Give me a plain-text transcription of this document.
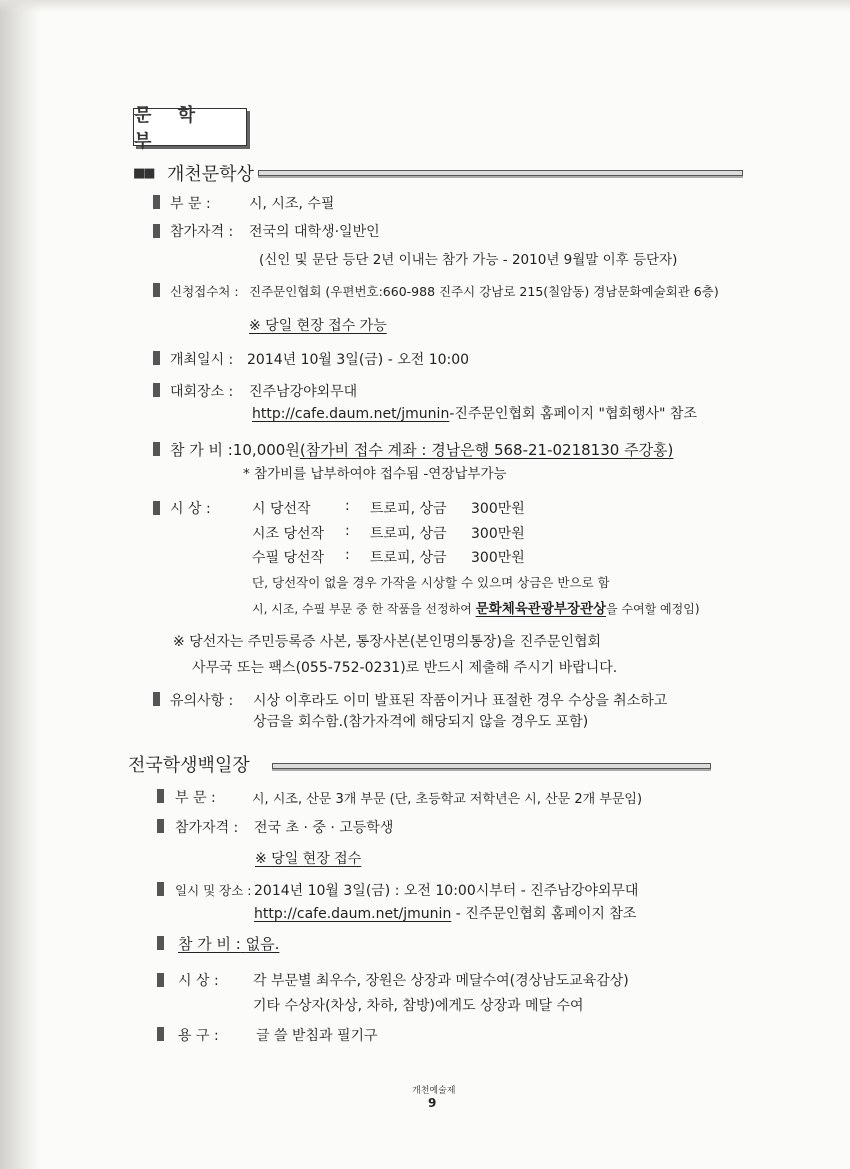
문 학 부
■■ 개천문학상
부 문 :	시, 시조, 수필
참가자격 : 전국의 대학생·일반인
(신인 및 문단 등단 2년 이내는 참가 가능 - 2010년 9월말 이후 등단자)
신청접수처 : 진주문인협회 (우편번호:660-988 진주시 강남로 215(칠암동) 경남문화예술회관 6층)
※ 당일 현장 접수 가능
개최일시 : 2014년 10월 3일(금) - 오전 10:00
대회장소 : 진주남강야외무대
http://cafe.daum.net/jmunin-진주문인협회 홈페이지 "협회행사" 참조
참 가 비 :10,000원(참가비 접수 계좌 : 경남은행 568-21-0218130 주강홍)
* 참가비를 납부하여야 접수됨 -연장납부가능
시 상 :	시 당선작 : 트로피, 상금 300만원
시조 당선작 : 트로피, 상금 300만원
수필 당선작 : 트로피, 상금 300만원
단, 당선작이 없을 경우 가작을 시상할 수 있으며 상금은 반으로 함
시, 시조, 수필 부문 중 한 작품을 선정하여 문화체육관광부장관상을 수여할 예정임)
※ 당선자는 주민등록증 사본, 통장사본(본인명의통장)을 진주문인협회
사무국 또는 팩스(055-752-0231)로 반드시 제출해 주시기 바랍니다.
유의사항 : 시상 이후라도 이미 발표된 작품이거나 표절한 경우 수상을 취소하고
상금을 회수함.(참가자격에 해당되지 않을 경우도 포함)
전국학생백일장
부 문 :	시, 시조, 산문 3개 부문 (단, 초등학교 저학년은 시, 산문 2개 부문임)
참가자격 : 전국 초 · 중 · 고등학생
※ 당일 현장 접수
일시 및 장소 : 2014년 10월 3일(금) : 오전 10:00시부터 - 진주남강야외무대
http://cafe.daum.net/jmunin - 진주문인협회 홈페이지 참조
참 가 비 : 없음.
시 상 : 각 부문별 최우수, 장원은 상장과 메달수여(경상남도교육감상)
기타 수상자(차상, 차하, 참방)에게도 상장과 메달 수여
용 구 :	글 쓸 받침과 필기구
개천예술제
9
